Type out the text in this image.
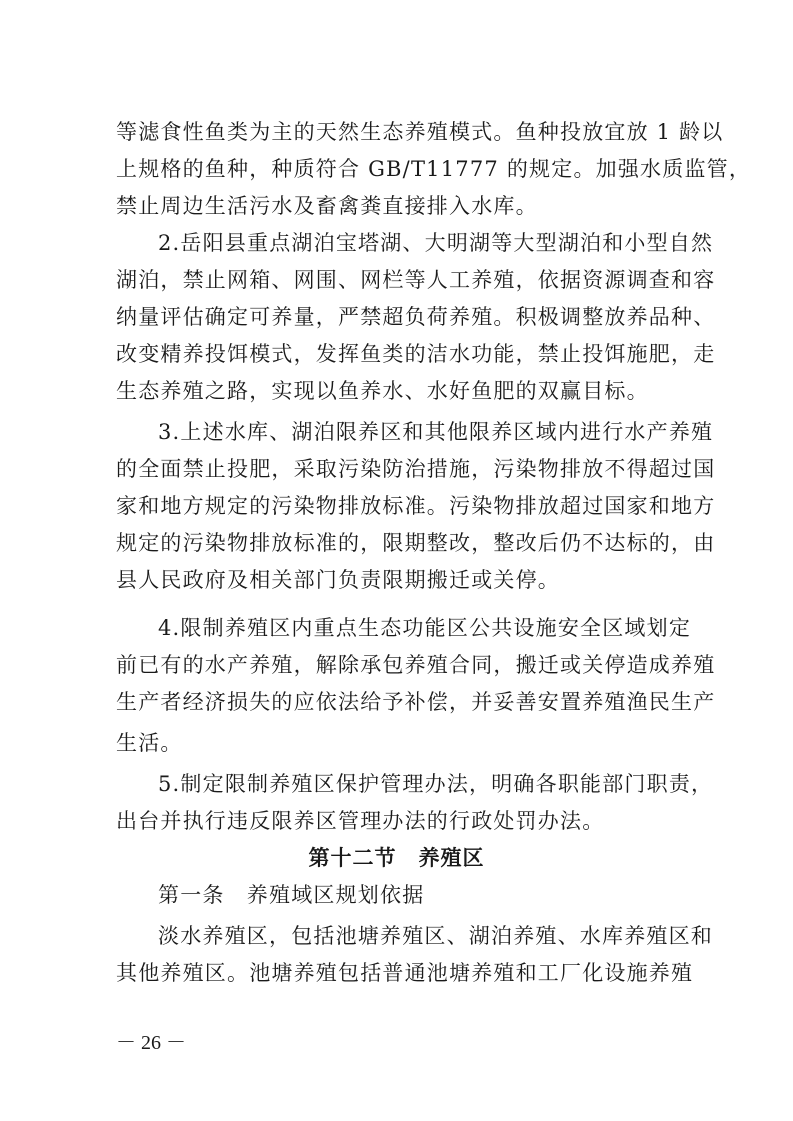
等滤食性鱼类为主的天然生态养殖模式。鱼种投放宜放 1 龄以
上规格的鱼种，种质符合 GB/T11777 的规定。加强水质监管，
禁止周边生活污水及畜禽粪直接排入水库。
2.岳阳县重点湖泊宝塔湖、大明湖等大型湖泊和小型自然
湖泊，禁止网箱、网围、网栏等人工养殖，依据资源调查和容
纳量评估确定可养量，严禁超负荷养殖。积极调整放养品种、
改变精养投饵模式，发挥鱼类的洁水功能，禁止投饵施肥，走
生态养殖之路，实现以鱼养水、水好鱼肥的双赢目标。
3.上述水库、湖泊限养区和其他限养区域内进行水产养殖
的全面禁止投肥，采取污染防治措施，污染物排放不得超过国
家和地方规定的污染物排放标准。污染物排放超过国家和地方
规定的污染物排放标准的，限期整改，整改后仍不达标的，由
县人民政府及相关部门负责限期搬迁或关停。
4.限制养殖区内重点生态功能区公共设施安全区域划定
前已有的水产养殖，解除承包养殖合同，搬迁或关停造成养殖
生产者经济损失的应依法给予补偿，并妥善安置养殖渔民生产
生活。
5.制定限制养殖区保护管理办法，明确各职能部门职责，
出台并执行违反限养区管理办法的行政处罚办法。
第十二节　养殖区
第一条　养殖域区规划依据
淡水养殖区，包括池塘养殖区、湖泊养殖、水库养殖区和
其他养殖区。池塘养殖包括普通池塘养殖和工厂化设施养殖
－ 26 －
